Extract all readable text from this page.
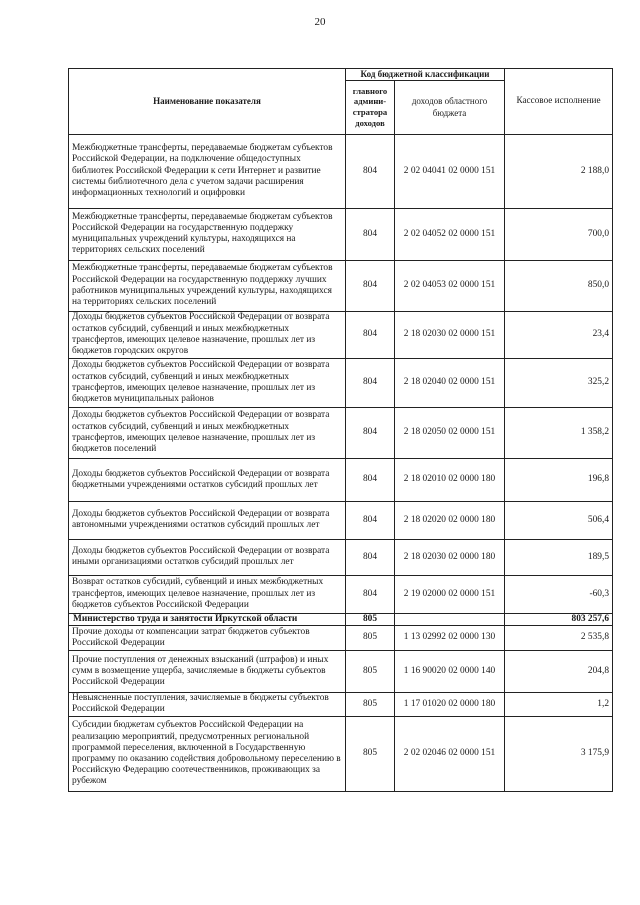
20
Наименование показателя	Код бюджетной классификации		Кассовое исполнение
	главного админи-стратора доходов	доходов областного бюджета	
Межбюджетные трансферты, передаваемые бюджетам субъектов Российской Федерации, на подключение общедоступных библиотек Российской Федерации к сети Интернет и развитие системы библиотечного дела с учетом задачи расширения информационных технологий и оцифровки	804	2 02 04041 02 0000 151	2 188,0
Межбюджетные трансферты, передаваемые бюджетам субъектов Российской Федерации на государственную поддержку муниципальных учреждений культуры, находящихся на территориях сельских поселений	804	2 02 04052 02 0000 151	700,0
Межбюджетные трансферты, передаваемые бюджетам субъектов Российской Федерации на государственную поддержку лучших работников муниципальных учреждений культуры, находящихся на территориях сельских поселений	804	2 02 04053 02 0000 151	850,0
Доходы бюджетов субъектов Российской Федерации от возврата остатков субсидий, субвенций и иных межбюджетных трансфертов, имеющих целевое назначение, прошлых лет из бюджетов городских округов	804	2 18 02030 02 0000 151	23,4
Доходы бюджетов субъектов Российской Федерации от возврата остатков субсидий, субвенций и иных межбюджетных трансфертов, имеющих целевое назначение, прошлых лет из бюджетов муниципальных районов	804	2 18 02040 02 0000 151	325,2
Доходы бюджетов субъектов Российской Федерации от возврата остатков субсидий, субвенций и иных межбюджетных трансфертов, имеющих целевое назначение, прошлых лет из бюджетов поселений	804	2 18 02050 02 0000 151	1 358,2
Доходы бюджетов субъектов Российской Федерации от возврата бюджетными учреждениями остатков субсидий прошлых лет	804	2 18 02010 02 0000 180	196,8
Доходы бюджетов субъектов Российской Федерации от возврата автономными учреждениями остатков субсидий прошлых лет	804	2 18 02020 02 0000 180	506,4
Доходы бюджетов субъектов Российской Федерации от возврата иными организациями остатков субсидий прошлых лет	804	2 18 02030 02 0000 180	189,5
Возврат остатков субсидий, субвенций и иных межбюджетных трансфертов, имеющих целевое назначение, прошлых лет из бюджетов субъектов Российской Федерации	804	2 19 02000 02 0000 151	-60,3
Министерство труда и занятости Иркутской области	805		803 257,6
Прочие доходы от компенсации затрат бюджетов субъектов Российской Федерации	805	1 13 02992 02 0000 130	2 535,8
Прочие поступления от денежных взысканий (штрафов) и иных сумм в возмещение ущерба, зачисляемые в бюджеты субъектов Российской Федерации	805	1 16 90020 02 0000 140	204,8
Невыясненные поступления, зачисляемые в бюджеты субъектов Российской Федерации	805	1 17 01020 02 0000 180	1,2
Субсидии бюджетам субъектов Российской Федерации на реализацию мероприятий, предусмотренных региональной программой переселения, включенной в Государственную программу по оказанию содействия добровольному переселению в Российскую Федерацию соотечественников, проживающих за рубежом	805	2 02 02046 02 0000 151	3 175,9
